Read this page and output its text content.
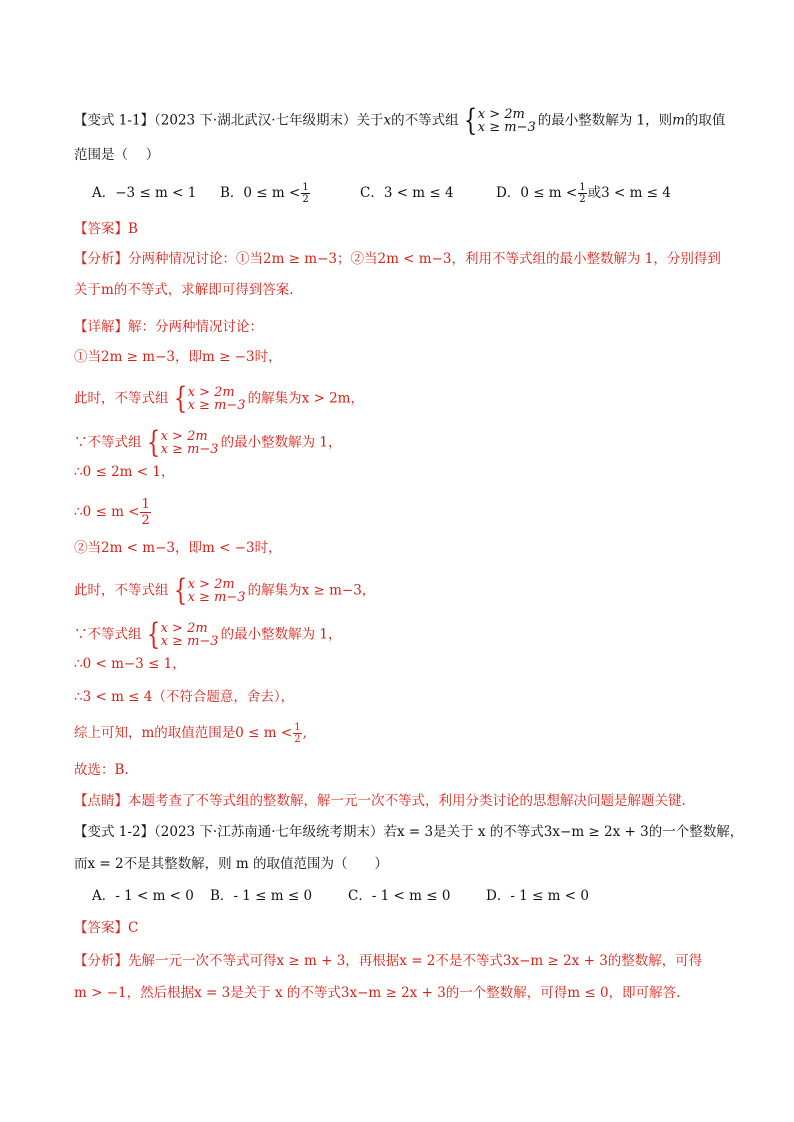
【变式 1-1】（2023 下·湖北武汉·七年级期末）关于x的不等式组 { x > 2m
x ≥ m−3 的最小整数解为 1，则m的取值
范围是（　 ）
A．−3 ≤ m < 1 B．$0 \le m < \frac{1}{2}$	C．3 < m ≤ 4	D．$0 \le m < \frac{1}{2}$ 或3 < m ≤ 4
【答案】B
【分析】分两种情况讨论：①当2m ≥ m−3；②当2m < m−3，利用不等式组的最小整数解为 1，分别得到
关于m的不等式，求解即可得到答案.
【详解】解：分两种情况讨论：
①当2m ≥ m−3，即m ≥ −3时，
此时，不等式组 { x > 2m
x ≥ m−3 的解集为x > 2m，
∵不等式组 { x > 2m
x ≥ m−3 的最小整数解为 1，
∴0 ≤ 2m < 1，
∴0 ≤ $m < \frac{1}{2}$
②当2m < m−3，即m < −3时，
此时，不等式组 { x > 2m
x ≥ m−3 的解集为x ≥ m−3，
∵不等式组 { x > 2m
x ≥ m−3 的最小整数解为 1，
∴0 < m−3 ≤ 1，
∴3 < m ≤ 4（不符合题意，舍去），
综上可知，m的取值范围是$0 \le m < \frac{1}{2}$ ,
故选：B.
【点睛】本题考查了不等式组的整数解，解一元一次不等式，利用分类讨论的思想解决问题是解题关键.
【变式 1-2】（2023 下·江苏南通·七年级统考期末）若x = 3是关于 x 的不等式3x−m ≥ 2x + 3的一个整数解，
而x = 2不是其整数解，则 m 的取值范围为（　　）
A．- 1 < m < 0 B．- 1 ≤ m ≤ 0	C．- 1 < m ≤ 0	D．- 1 ≤ m < 0
【答案】C
【分析】先解一元一次不等式可得x ≥ m + 3，再根据x = 2不是不等式3x−m ≥ 2x + 3的整数解，可得
m > −1，然后根据x = 3是关于 x 的不等式3x−m ≥ 2x + 3的一个整数解，可得m ≤ 0，即可解答.
